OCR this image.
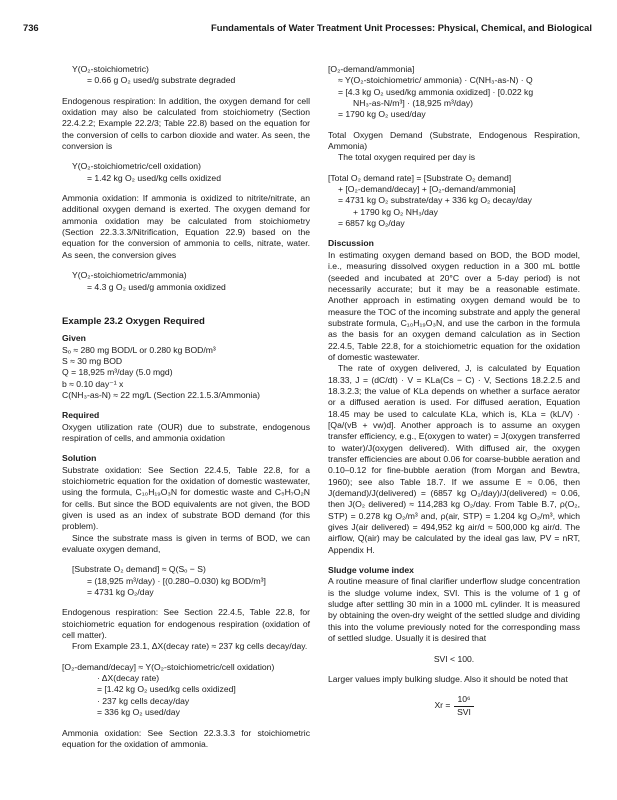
736	Fundamentals of Water Treatment Unit Processes: Physical, Chemical, and Biological
Y(O₂-stoichiometric)
= 0.66 g O₂ used/g substrate degraded
Endogenous respiration: In addition, the oxygen demand for cell oxidation may also be calculated from stoichiometry (Section 22.4.2.2; Example 22.2/3; Table 22.8) based on the equation for the conversion of cells to carbon dioxide and water. As seen, the conversion is
Y(O₂-stoichiometric/cell oxidation)
= 1.42 kg O₂ used/kg cells oxidized
Ammonia oxidation: If ammonia is oxidized to nitrite/nitrate, an additional oxygen demand is exerted. The oxygen demand for ammonia oxidation may be calculated from stoichiometry (Section 22.3.3.3/Nitrification, Equation 22.9) based on the equation for the conversion of ammonia to cells, nitrate, water. As seen, the conversion gives
Y(O₂-stoichiometric/ammonia)
= 4.3 g O₂ used/g ammonia oxidized
Example 23.2 Oxygen Required
Given
Sₒ ≈ 280 mg BOD/L or 0.280 kg BOD/m³
S ≈ 30 mg BOD
Q = 18,925 m³/day (5.0 mgd)
b ≈ 0.10 day⁻¹ x
C(NH₃-as-N) ≈ 22 mg/L (Section 22.1.5.3/Ammonia)
Required
Oxygen utilization rate (OUR) due to substrate, endogenous respiration of cells, and ammonia oxidation
Solution
Substrate oxidation: See Section 22.4.5, Table 22.8, for a stoichiometric equation for the oxidation of domestic wastewater, using the formula, C₁₀H₁₉O₃N for domestic waste and C₅H₇O₂N for cells. But since the BOD equivalents are not given, the BOD given is used as an index of substrate BOD demand (for this problem).
Since the substrate mass is given in terms of BOD, we can evaluate oxygen demand,
[Substrate O₂ demand] ≈ Q(Sₒ − S)
= (18,925 m³/day) · [(0.280–0.030) kg BOD/m³]
= 4731 kg O₂/day
Endogenous respiration: See Section 22.4.5, Table 22.8, for stoichiometric equation for endogenous respiration (oxidation of cell matter).
From Example 23.1, ΔX(decay rate) ≈ 237 kg cells decay/day.
[O₂-demand/decay] ≈ Y(O₂-stoichiometric/cell oxidation)
· ΔX(decay rate)
= [1.42 kg O₂ used/kg cells oxidized]
· 237 kg cells decay/day
= 336 kg O₂ used/day
Ammonia oxidation: See Section 22.3.3.3 for stoichiometric equation for the oxidation of ammonia.
[O₂-demand/ammonia]
≈ Y(O₂-stoichiometric/ ammonia) · C(NH₃-as-N) · Q
= [4.3 kg O₂ used/kg ammonia oxidized] · [0.022 kg
NH₃-as-N/m³] · (18,925 m³/day)
= 1790 kg O₂ used/day
Total Oxygen Demand (Substrate, Endogenous Respiration, Ammonia)
The total oxygen required per day is
[Total O₂ demand rate] = [Substrate O₂ demand]
+ [O₂-demand/decay] + [O₂-demand/ammonia]
= 4731 kg O₂ substrate/day + 336 kg O₂ decay/day
+ 1790 kg O₂ NH₃/day
= 6857 kg O₂/day
Discussion
In estimating oxygen demand based on BOD, the BOD model, i.e., measuring dissolved oxygen reduction in a 300 mL bottle (seeded and incubated at 20°C over a 5-day period) is not necessarily accurate; but it may be a reasonable estimate. Another approach in estimating oxygen demand would be to measure the TOC of the incoming substrate and apply the general substrate formula, C₁₀H₁₉O₃N, and use the carbon in the formula as the basis for an oxygen demand calculation as in Section 22.4.5, Table 22.8, for a stoichiometric equation for the oxidation of domestic wastewater.
The rate of oxygen delivered, J, is calculated by Equation 18.33, J = (dC/dt) · V = KLa(Cs − C) · V, Sections 18.2.2.5 and 18.3.2.3; the value of KLa depends on whether a surface aerator or a diffused aeration is used. For diffused aeration, Equation 18.45 may be used to calculate KLa, which is, KLa = (kL/V) · [Qa/(vB + vw)d]. Another approach is to assume an oxygen transfer efficiency, e.g., E(oxygen to water) = J(oxygen transferred to water)/J(oxygen delivered). With diffused air, the oxygen transfer efficiencies are about 0.06 for coarse-bubble aeration and 0.10–0.12 for fine-bubble aeration (from Morgan and Bewtra, 1960); see also Table 18.7. If we assume E ≈ 0.06, then J(demand)/J(delivered) = (6857 kg O₂/day)/J(delivered) ≈ 0.06, then J(O₂ delivered) ≈ 114,283 kg O₂/day. From Table B.7, ρ(O₂, STP) = 0.278 kg O₂/m³ and, ρ(air, STP) = 1.204 kg O₂/m³, which gives J(air delivered) = 494,952 kg air/d ≈ 500,000 kg air/d. The airflow, Q(air) may be calculated by the ideal gas law, PV = nRT, Appendix H.
Sludge volume index
A routine measure of final clarifier underflow sludge concentration is the sludge volume index, SVI. This is the volume of 1 g of sludge after settling 30 min in a 1000 mL cylinder. It is measured by obtaining the oven-dry weight of the settled sludge and dividing this into the volume previously noted for the corresponding mass of settled sludge. Usually it is desired that
SVI < 100.
Larger values imply bulking sludge. Also it should be noted that
Xr =
10⁶
SVI
